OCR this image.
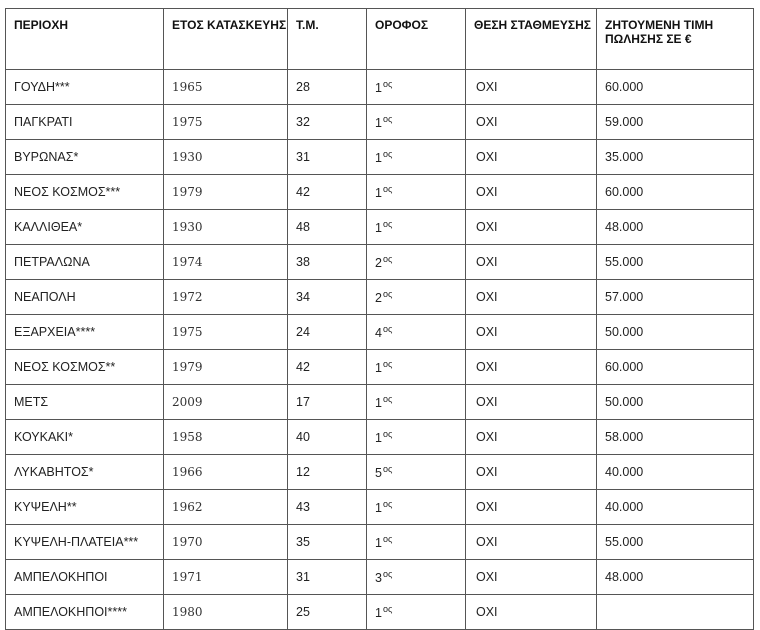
ΠΕΡΙΟΧΗ	ΕΤΟΣ ΚΑΤΑΣΚΕΥΗΣ	Τ.Μ.	ΟΡΟΦΟΣ	ΘΕΣΗ ΣΤΑΘΜΕΥΣΗΣ	ΖΗΤΟΥΜΕΝΗ ΤΙΜΗ ΠΩΛΗΣΗΣ ΣΕ €
ΓΟΥΔΗ***	1965	28	$1^{o\varsigma}$	ΟΧΙ	60.000
ΠΑΓΚΡΑΤΙ	1975	32	$1^{o\varsigma}$	ΟΧΙ	59.000
ΒΥΡΩΝΑΣ*	1930	31	$1^{o\varsigma}$	ΟΧΙ	35.000
ΝΕΟΣ ΚΟΣΜΟΣ***	1979	42	$1^{o\varsigma}$	ΟΧΙ	60.000
ΚΑΛΛΙΘΕΑ*	1930	48	$1^{o\varsigma}$	ΟΧΙ	48.000
ΠΕΤΡΑΛΩΝΑ	1974	38	$2^{o\varsigma}$	ΟΧΙ	55.000
ΝΕΑΠΟΛΗ	1972	34	$2^{o\varsigma}$	ΟΧΙ	57.000
ΕΞΑΡΧΕΙΑ****	1975	24	$4^{o\varsigma}$	ΟΧΙ	50.000
ΝΕΟΣ ΚΟΣΜΟΣ**	1979	42	$1^{o\varsigma}$	ΟΧΙ	60.000
ΜΕΤΣ	2009	17	$1^{o\varsigma}$	ΟΧΙ	50.000
ΚΟΥΚΑΚΙ*	1958	40	$1^{o\varsigma}$	ΟΧΙ	58.000
ΛΥΚΑΒΗΤΟΣ*	1966	12	$5^{o\varsigma}$	ΟΧΙ	40.000
ΚΥΨΕΛΗ**	1962	43	$1^{o\varsigma}$	ΟΧΙ	40.000
ΚΥΨΕΛΗ-ΠΛΑΤΕΙΑ***	1970	35	$1^{o\varsigma}$	ΟΧΙ	55.000
ΑΜΠΕΛΟΚΗΠΟΙ	1971	31	$3^{o\varsigma}$	ΟΧΙ	48.000
ΑΜΠΕΛΟΚΗΠΟΙ****	1980	25	$1^{o\varsigma}$	ΟΧΙ	
